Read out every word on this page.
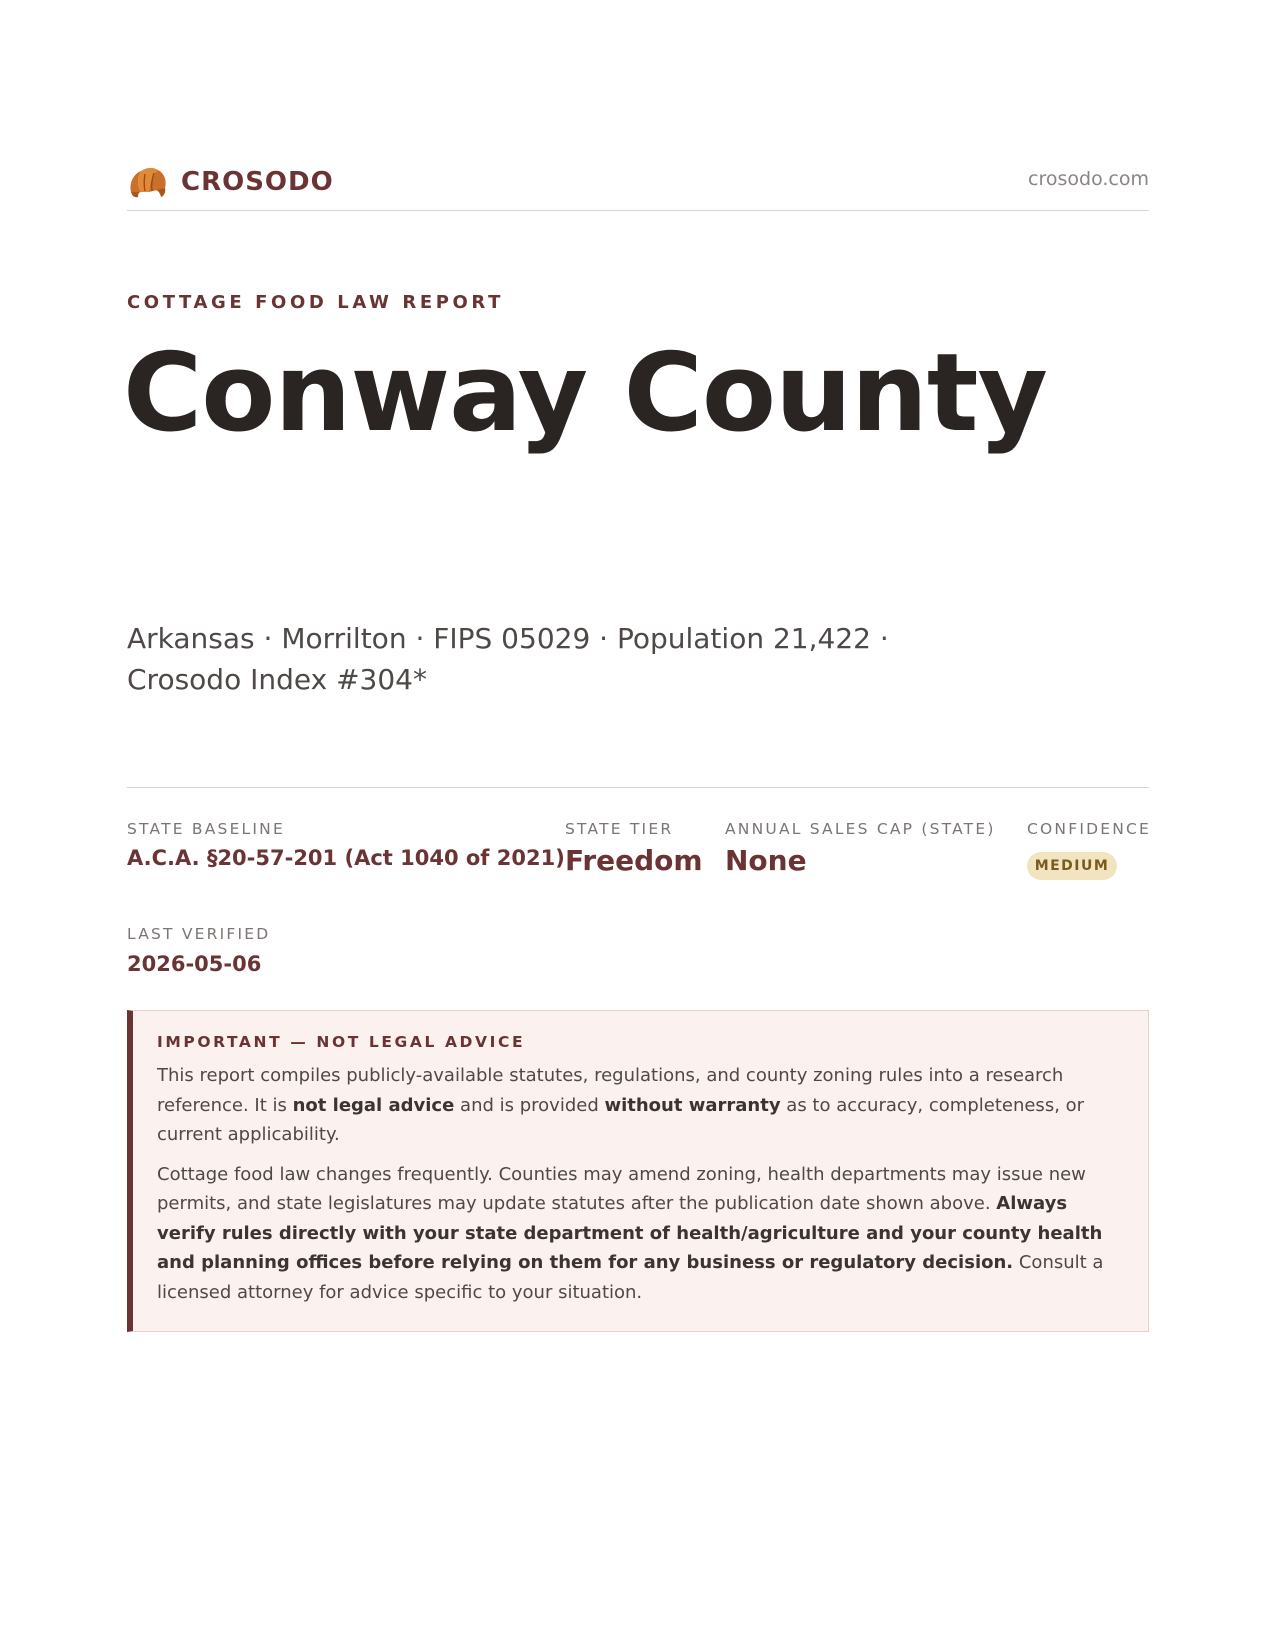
CROSODO	crosodo.com
COTTAGE FOOD LAW REPORT
Conway County
Arkansas · Morrilton · FIPS 05029 · Population 21,422 · Crosodo Index #304*
STATE BASELINE
A.C.A. §20-57-201 (Act 1040 of 2021)
STATE TIER
Freedom
ANNUAL SALES CAP (STATE)
None
CONFIDENCE
MEDIUM
LAST VERIFIED
2026-05-06
IMPORTANT — NOT LEGAL ADVICE

This report compiles publicly-available statutes, regulations, and county zoning rules into a research reference. It is not legal advice and is provided without warranty as to accuracy, completeness, or current applicability.

Cottage food law changes frequently. Counties may amend zoning, health departments may issue new permits, and state legislatures may update statutes after the publication date shown above. Always verify rules directly with your state department of health/agriculture and your county health and planning offices before relying on them for any business or regulatory decision. Consult a licensed attorney for advice specific to your situation.
